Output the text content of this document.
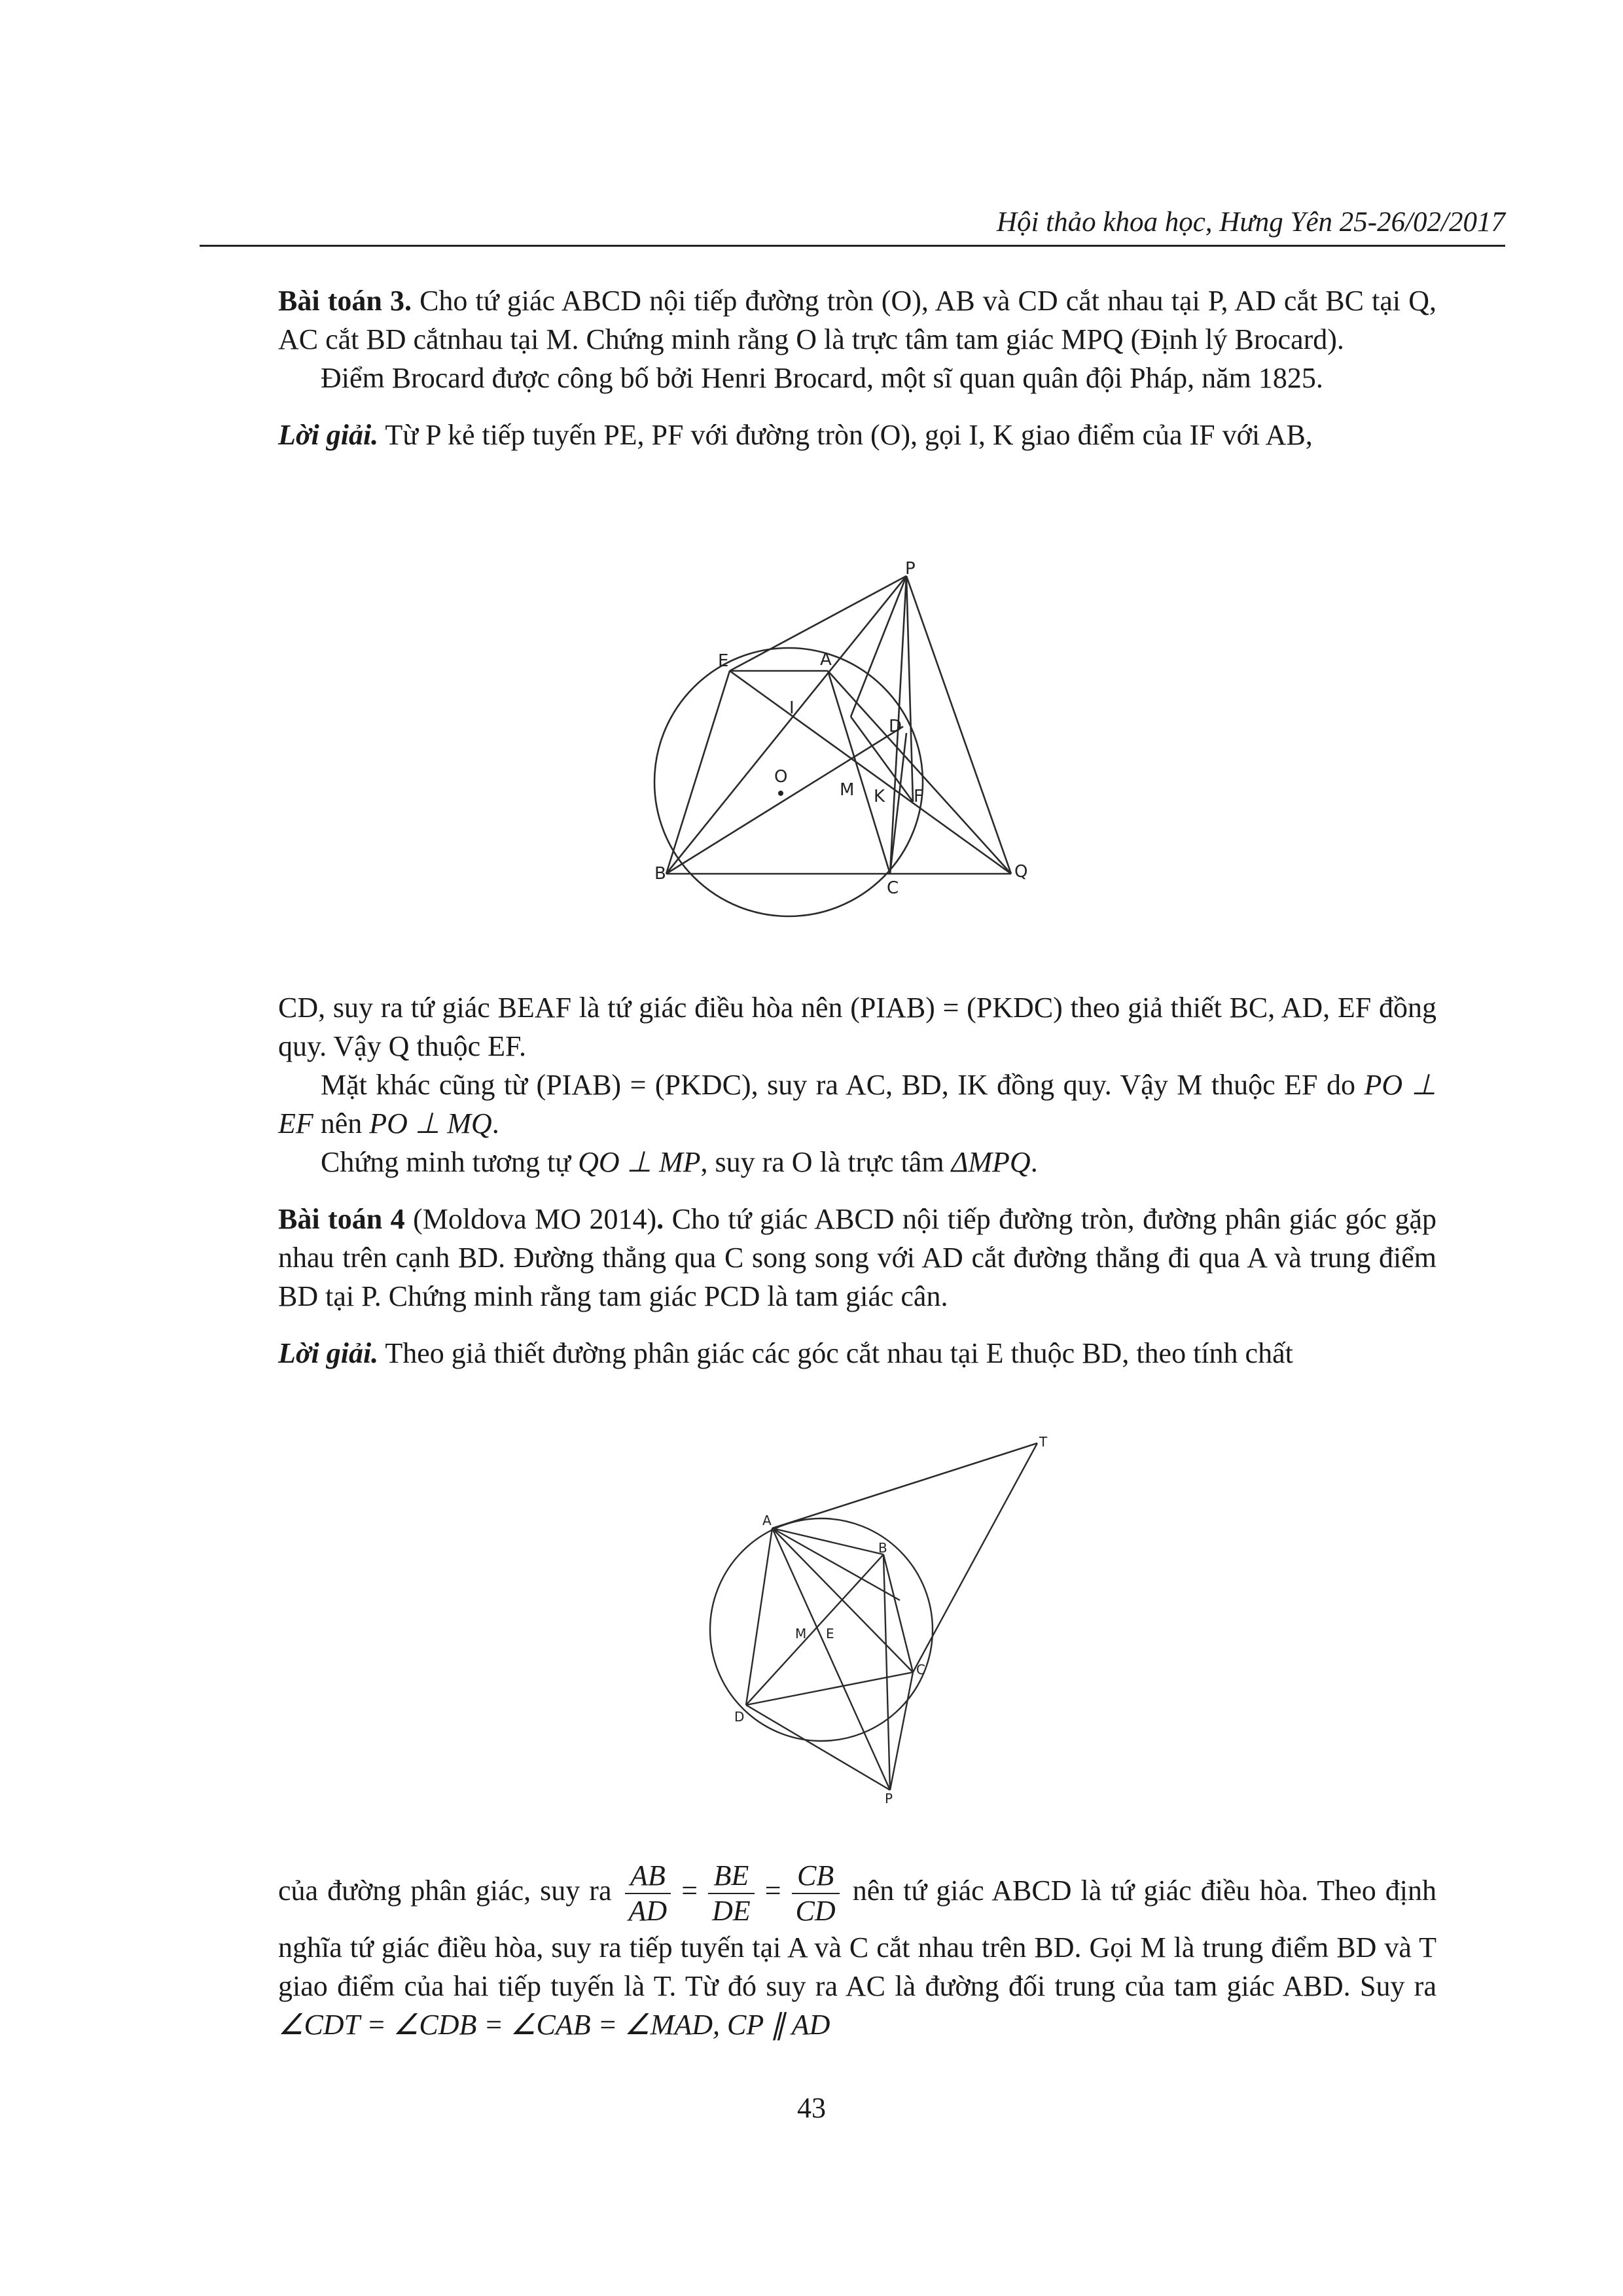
Hội thảo khoa học, Hưng Yên 25-26/02/2017

Bài toán 3. Cho tứ giác ABCD nội tiếp đường tròn (O), AB và CD cắt nhau tại P, AD cắt BC tại Q, AC cắt BD cắtnhau tại M. Chứng minh rằng O là trực tâm tam giác MPQ (Định lý Brocard).

Điểm Brocard được công bố bởi Henri Brocard, một sĩ quan quân đội Pháp, năm 1825.

Lời giải. Từ P kẻ tiếp tuyến PE, PF với đường tròn (O), gọi I, K giao điểm của IF với AB,

P
E	A
I
D
O
M K F
B
C
Q

CD, suy ra tứ giác BEAF là tứ giác điều hòa nên (PIAB) = (PKDC) theo giả thiết BC, AD, EF đồng quy. Vậy Q thuộc EF.

Mặt khác cũng từ (PIAB) = (PKDC), suy ra AC, BD, IK đồng quy. Vậy M thuộc EF do PO ⊥ EF nên PO ⊥ MQ.

Chứng minh tương tự QO ⊥ MP, suy ra O là trực tâm ΔMPQ.

Bài toán 4 (Moldova MO 2014). Cho tứ giác ABCD nội tiếp đường tròn, đường phân giác góc gặp nhau trên cạnh BD. Đường thẳng qua C song song với AD cắt đường thẳng đi qua A và trung điểm BD tại P. Chứng minh rằng tam giác PCD là tam giác cân.

Lời giải. Theo giả thiết đường phân giác các góc cắt nhau tại E thuộc BD, theo tính chất

T
A
B
M E
C
D
P

của đường phân giác, suy ra $\frac{AB}{AD} = \frac{BE}{DE} = \frac{CB}{CD}$ nên tứ giác ABCD là tứ giác điều hòa. Theo định nghĩa tứ giác điều hòa, suy ra tiếp tuyến tại A và C cắt nhau trên BD. Gọi M là trung điểm BD và T giao điểm của hai tiếp tuyến là T. Từ đó suy ra AC là đường đối trung của tam giác ABD. Suy ra ∠CDT = ∠CDB = ∠CAB = ∠MAD, CP ∥ AD

43
